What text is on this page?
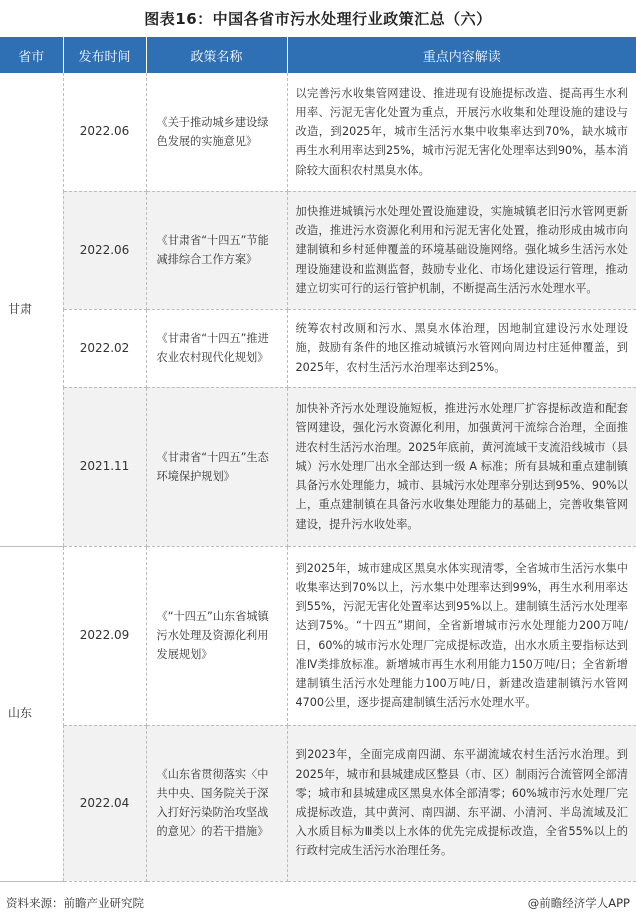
图表16：中国各省市污水处理行业政策汇总（六）
省市	发布时间	政策名称	重点内容解读
甘肃	2022.06	《关于推动城乡建设绿色发展的实施意见》	以完善污水收集管网建设、推进现有设施提标改造、提高再生水利用率、污泥无害化处置为重点，开展污水收集和处理设施的建设与改造，到2025年，城市生活污水集中收集率达到70%，缺水城市再生水利用率达到25%，城市污泥无害化处理率达到90%，基本消除较大面积农村黑臭水体。
	2022.06	《甘肃省“十四五”节能减排综合工作方案》	加快推进城镇污水处理处置设施建设，实施城镇老旧污水管网更新改造，推进污水资源化利用和污泥无害化处置，推动形成由城市向建制镇和乡村延伸覆盖的环境基础设施网络。强化城乡生活污水处理设施建设和监测监督，鼓励专业化、市场化建设运行管理，推动建立切实可行的运行管护机制，不断提高生活污水处理水平。
	2022.02	《甘肃省“十四五”推进农业农村现代化规划》	统筹农村改厕和污水、黑臭水体治理，因地制宜建设污水处理设施，鼓励有条件的地区推动城镇污水管网向周边村庄延伸覆盖，到2025年，农村生活污水治理率达到25%。
	2021.11	《甘肃省“十四五”生态环境保护规划》	加快补齐污水处理设施短板，推进污水处理厂扩容提标改造和配套管网建设，强化污水资源化利用，加强黄河干流综合治理，全面推进农村生活污水治理。2025年底前，黄河流域干支流沿线城市（县城）污水处理厂出水全部达到一级 A 标准；所有县城和重点建制镇具备污水处理能力，城市、县城污水处理率分别达到95%、90%以上，重点建制镇在具备污水收集处理能力的基础上，完善收集管网建设，提升污水收处率。
山东	2022.09	《“十四五”山东省城镇污水处理及资源化利用发展规划》	到2025年，城市建成区黑臭水体实现清零，全省城市生活污水集中收集率达到70%以上，污水集中处理率达到99%，再生水利用率达到55%，污泥无害化处置率达到95%以上。建制镇生活污水处理率达到75%。“十四五”期间，全省新增城市污水处理能力200万吨/日，60%的城市污水处理厂完成提标改造，出水水质主要指标达到准Ⅳ类排放标准。新增城市再生水利用能力150万吨/日；全省新增建制镇生活污水处理能力100万吨/日，新建改造建制镇污水管网4700公里，逐步提高建制镇生活污水处理水平。
	2022.04	《山东省贯彻落实〈中共中央、国务院关于深入打好污染防治攻坚战的意见〉的若干措施》	到2023年，全面完成南四湖、东平湖流域农村生活污水治理。到2025年，城市和县城建成区整县（市、区）制雨污合流管网全部清零；城市和县城建成区黑臭水体全部清零；60%城市污水处理厂完成提标改造，其中黄河、南四湖、东平湖、小清河、半岛流域及汇入水质目标为Ⅲ类以上水体的优先完成提标改造，全省55%以上的行政村完成生活污水治理任务。
资料来源：前瞻产业研究院	@前瞻经济学人APP
